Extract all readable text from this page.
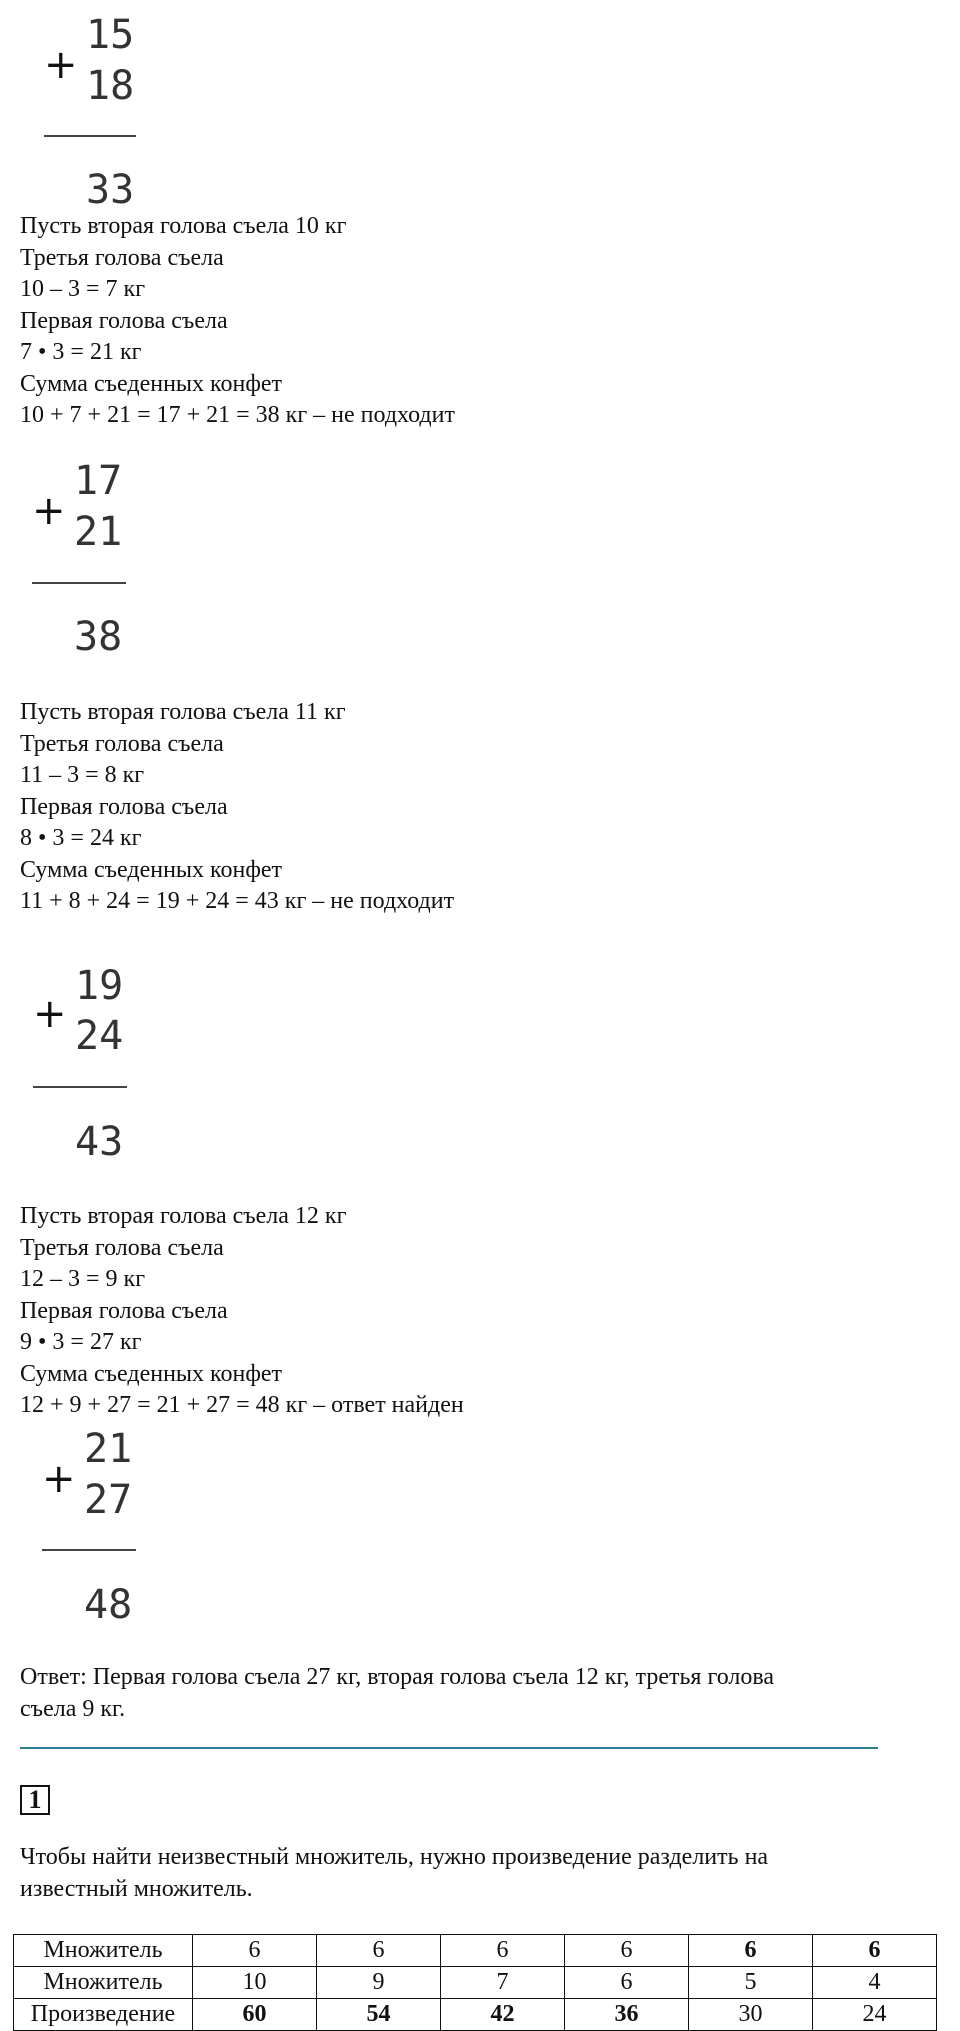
+
15
18
33
Пусть вторая голова съела 10 кг
Третья голова съела
10 – 3 = 7 кг
Первая голова съела
7 • 3 = 21 кг
Сумма съеденных конфет
10 + 7 + 21 = 17 + 21 = 38 кг – не подходит
+
17
21
38
Пусть вторая голова съела 11 кг
Третья голова съела
11 – 3 = 8 кг
Первая голова съела
8 • 3 = 24 кг
Сумма съеденных конфет
11 + 8 + 24 = 19 + 24 = 43 кг – не подходит
+
19
24
43
Пусть вторая голова съела 12 кг
Третья голова съела
12 – 3 = 9 кг
Первая голова съела
9 • 3 = 27 кг
Сумма съеденных конфет
12 + 9 + 27 = 21 + 27 = 48 кг – ответ найден
+
21
27
48
Ответ: Первая голова съела 27 кг, вторая голова съела 12 кг, третья голова
съела 9 кг.
1
Чтобы найти неизвестный множитель, нужно произведение разделить на
известный множитель.
Множитель	6	6	6	6	6	6
Множитель	10	9	7	6	5	4
Произведение	60	54	42	36	30	24
